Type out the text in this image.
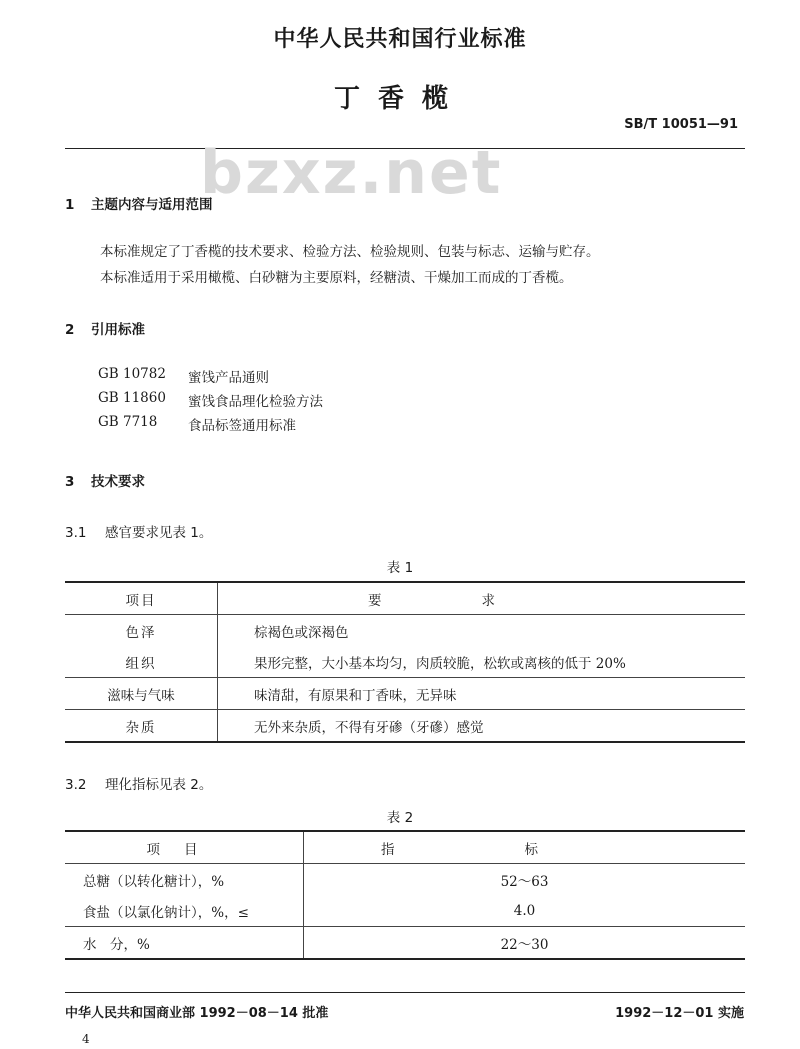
中华人民共和国行业标准
丁香榄
SB/T 10051—91
bzxz.net
1 主题内容与适用范围
本标准规定了丁香榄的技术要求、检验方法、检验规则、包装与标志、运输与贮存。
本标准适用于采用橄榄、白砂糖为主要原料，经糖渍、干燥加工而成的丁香榄。
2 引用标准
GB 10782	蜜饯产品通则
GB 11860	蜜饯食品理化检验方法
GB 7718	食品标签通用标准
3 技术要求
3.1 感官要求见表 1。
表 1
项目	要求
色泽	棕褐色或深褐色
组织	果形完整，大小基本均匀，肉质较脆，松软或离核的低于 20%
滋味与气味	味清甜，有原果和丁香味，无异味
杂质	无外来杂质，不得有牙碜（牙磣）感觉
3.2 理化指标见表 2。
表 2
项目	指标
总糖（以转化糖计），%	52～63
食盐（以氯化钠计），%，≤	4.0
水　分，%	22～30
中华人民共和国商业部 1992－08－14 批准	1992－12－01 实施
4
